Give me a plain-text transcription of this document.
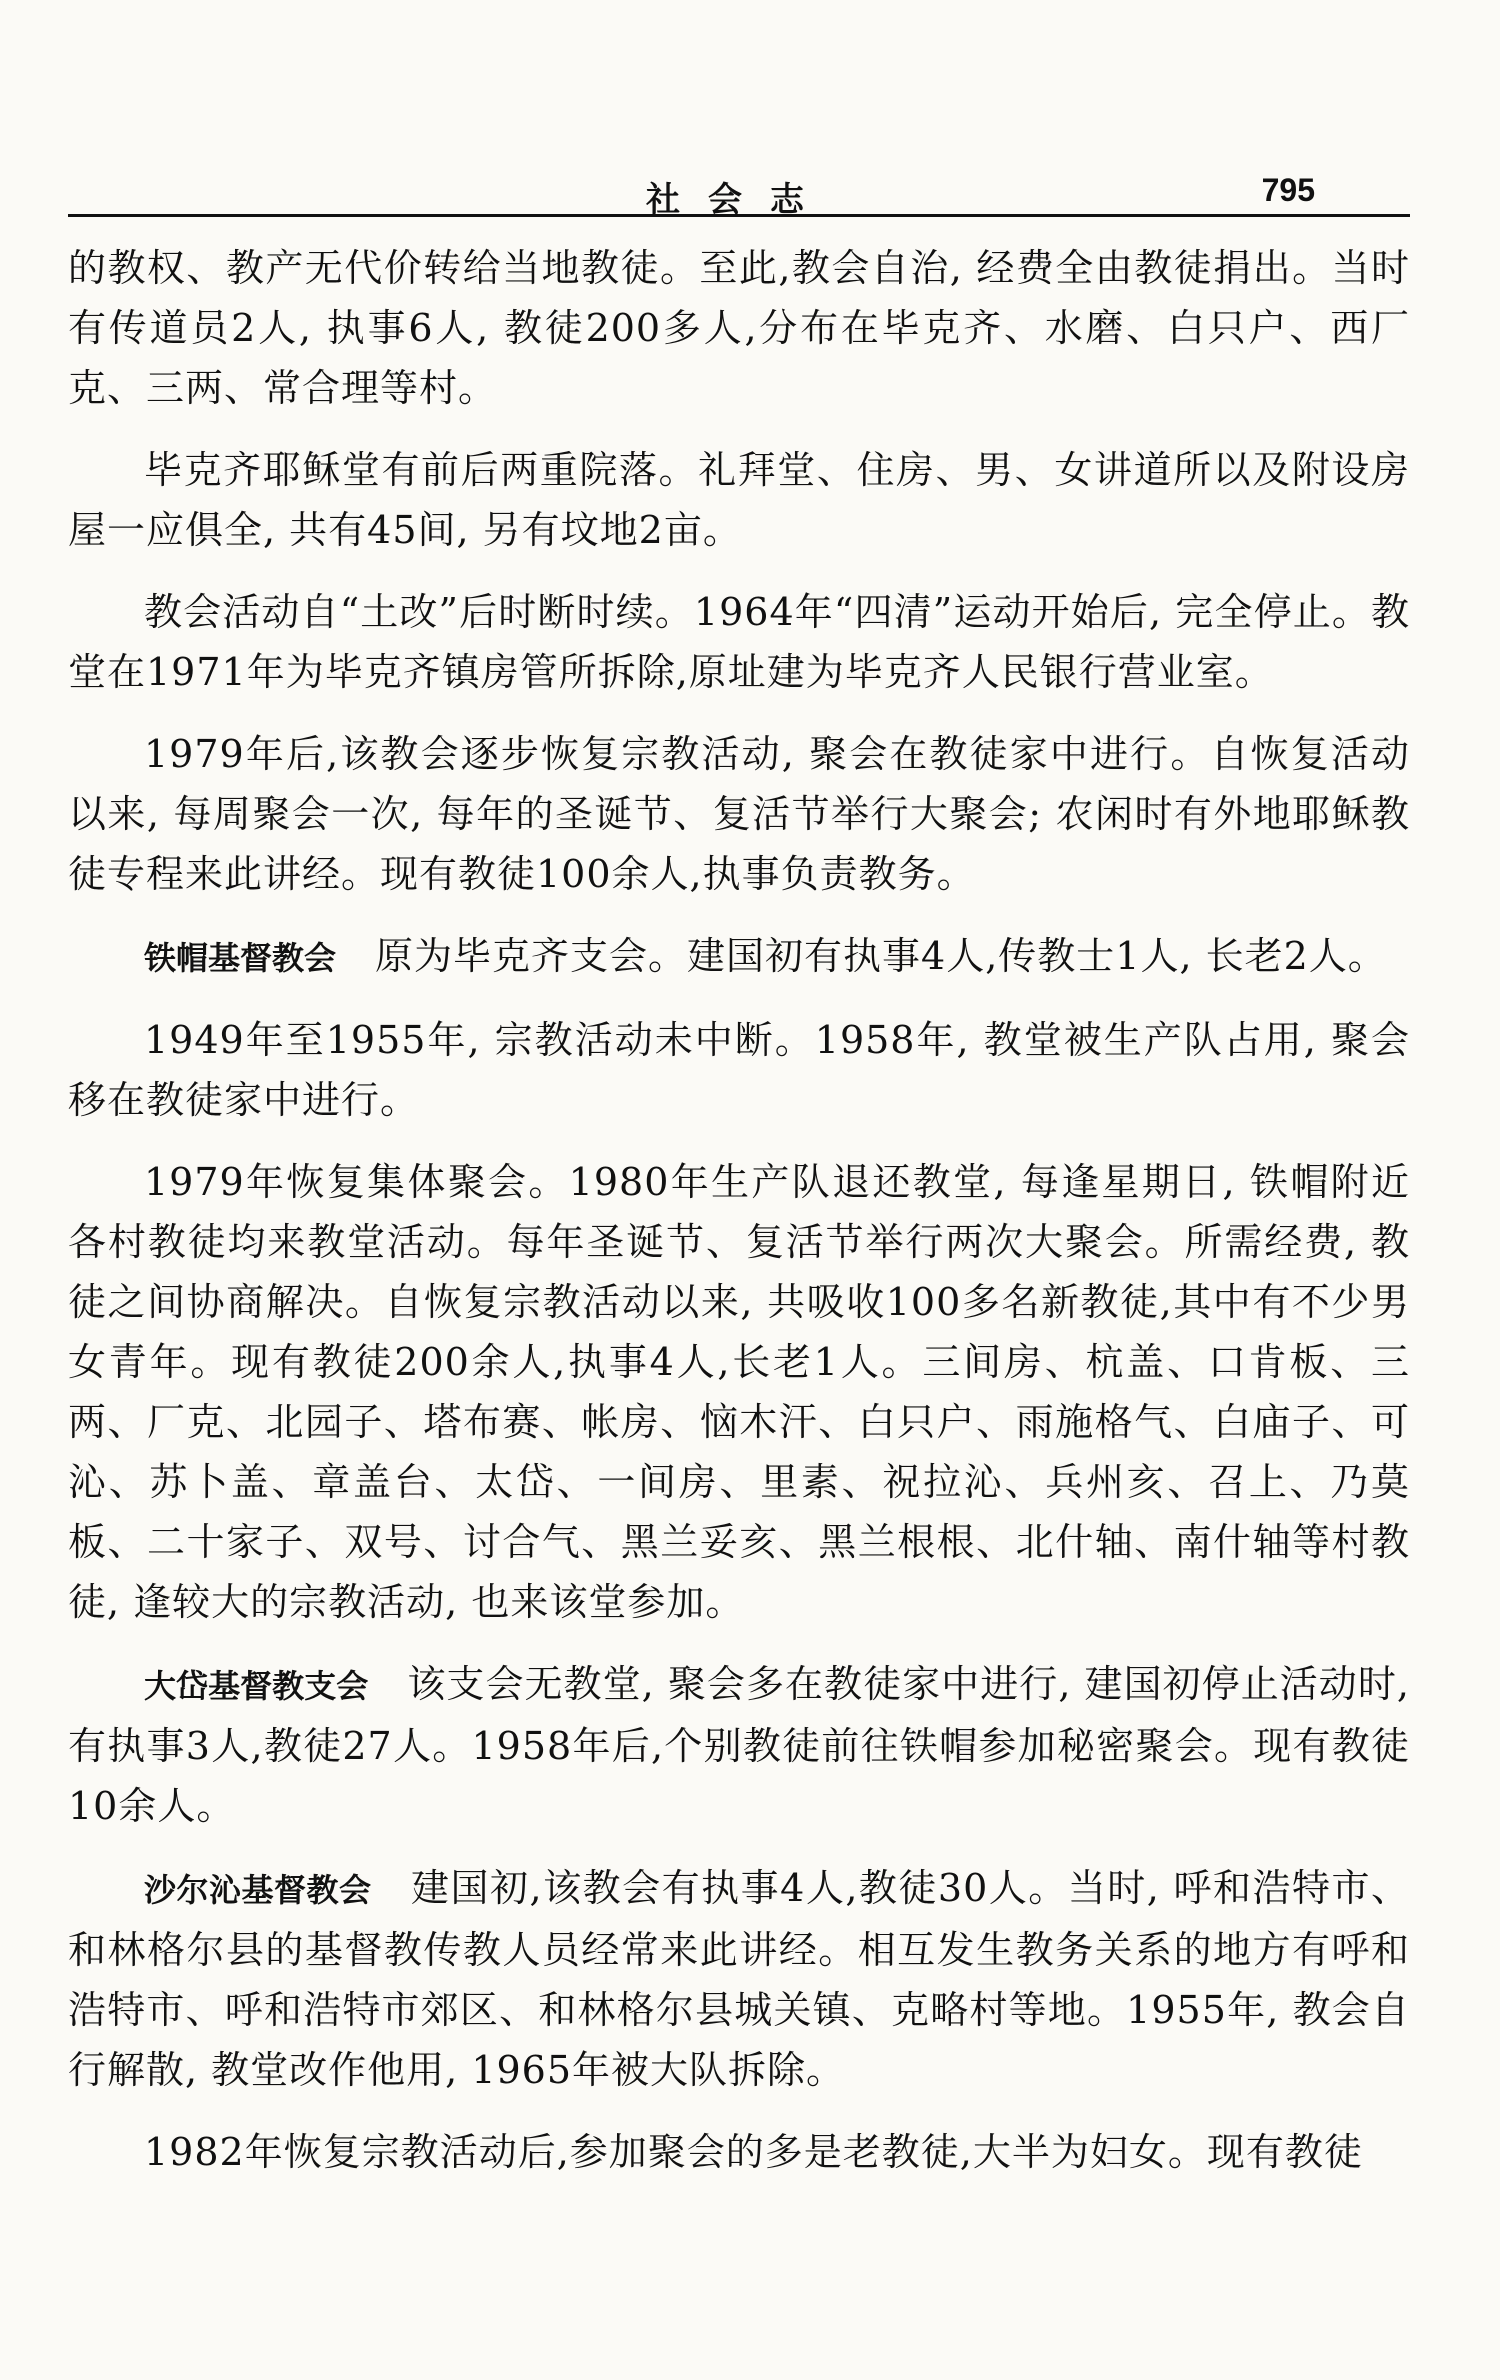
社会志	795

的教权、教产无代价转给当地教徒。至此,教会自治, 经费全由教徒捐出。当时有传道员2人, 执事6人, 教徒200多人,分布在毕克齐、水磨、白只户、西厂克、三两、常合理等村。

毕克齐耶稣堂有前后两重院落。礼拜堂、住房、男、女讲道所以及附设房屋一应俱全, 共有45间, 另有坟地2亩。

教会活动自“土改”后时断时续。1964年“四清”运动开始后, 完全停止。教堂在1971年为毕克齐镇房管所拆除,原址建为毕克齐人民银行营业室。

1979年后,该教会逐步恢复宗教活动, 聚会在教徒家中进行。自恢复活动以来, 每周聚会一次, 每年的圣诞节、复活节举行大聚会; 农闲时有外地耶稣教徒专程来此讲经。现有教徒100余人,执事负责教务。

铁帽基督教会　 原为毕克齐支会。建国初有执事4人,传教士1人, 长老2人。

1949年至1955年, 宗教活动未中断。1958年, 教堂被生产队占用, 聚会移在教徒家中进行。

1979年恢复集体聚会。1980年生产队退还教堂, 每逢星期日, 铁帽附近各村教徒均来教堂活动。每年圣诞节、复活节举行两次大聚会。所需经费, 教徒之间协商解决。自恢复宗教活动以来, 共吸收100多名新教徒,其中有不少男女青年。现有教徒200余人,执事4人,长老1人。三间房、杭盖、口肯板、三两、厂克、北园子、塔布赛、帐房、恼木汗、白只户、雨施格气、白庙子、可沁、苏卜盖、章盖台、太岱、一间房、里素、祝拉沁、兵州亥、召上、乃莫板、二十家子、双号、讨合气、黑兰妥亥、黑兰根根、北什轴、南什轴等村教徒, 逢较大的宗教活动, 也来该堂参加。

大岱基督教支会　 该支会无教堂, 聚会多在教徒家中进行, 建国初停止活动时, 有执事3人,教徒27人。1958年后,个别教徒前往铁帽参加秘密聚会。现有教徒10余人。

沙尔沁基督教会　 建国初,该教会有执事4人,教徒30人。当时, 呼和浩特市、和林格尔县的基督教传教人员经常来此讲经。相互发生教务关系的地方有呼和浩特市、呼和浩特市郊区、和林格尔县城关镇、克略村等地。1955年, 教会自行解散, 教堂改作他用, 1965年被大队拆除。

1982年恢复宗教活动后,参加聚会的多是老教徒,大半为妇女。现有教徒
